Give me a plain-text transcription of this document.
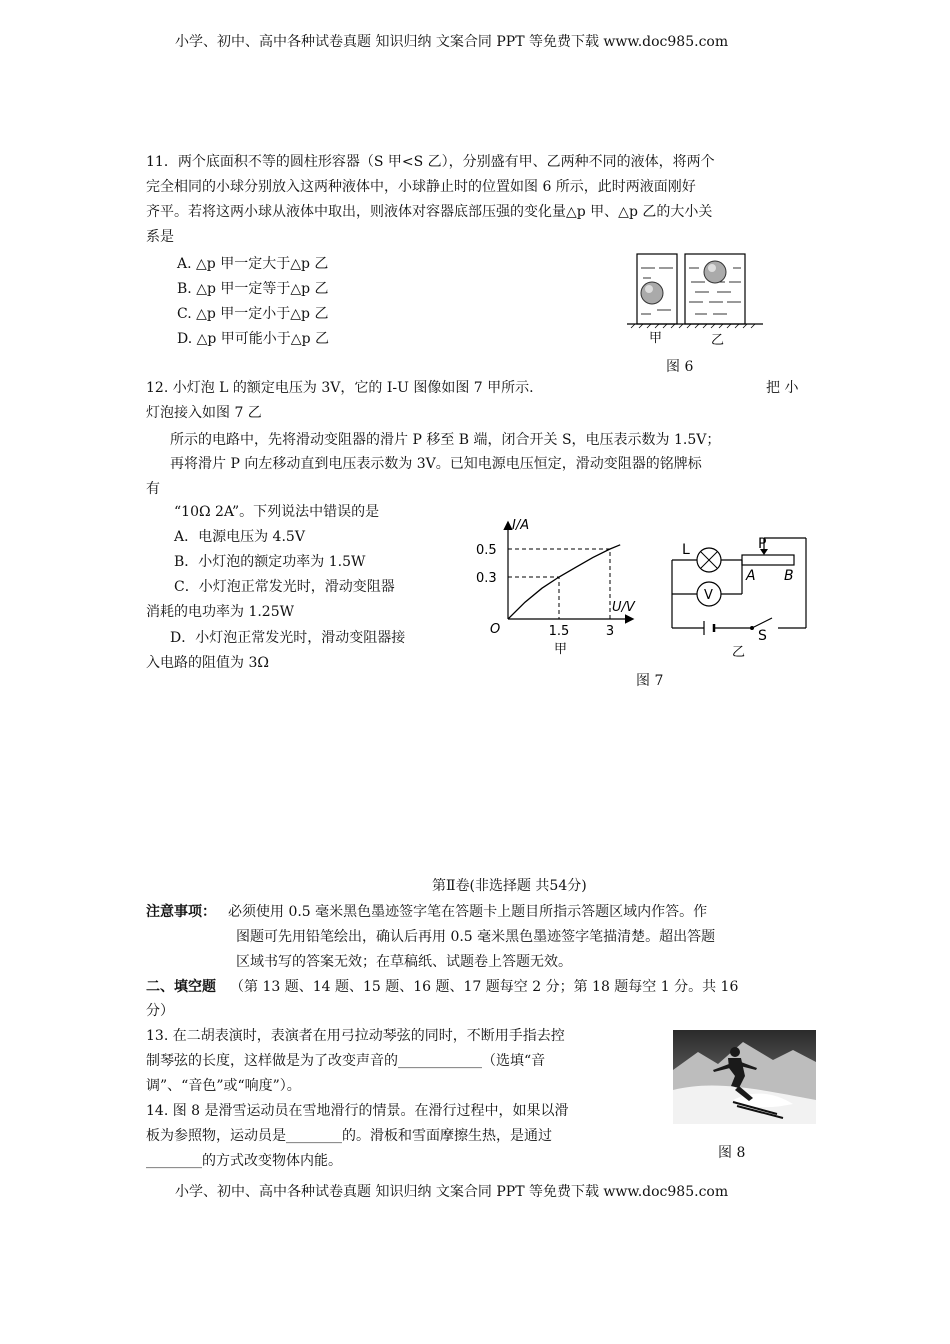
小学、初中、高中各种试卷真题 知识归纳 文案合同 PPT 等免费下载 www.doc985.com
11．两个底面积不等的圆柱形容器（S 甲<S 乙），分别盛有甲、乙两种不同的液体，将两个
完全相同的小球分别放入这两种液体中，小球静止时的位置如图 6 所示，此时两液面刚好
齐平。若将这两小球从液体中取出，则液体对容器底部压强的变化量△p 甲、△p 乙的大小关
系是
A. △p 甲一定大于△p 乙
B. △p 甲一定等于△p 乙
C. △p 甲一定小于△p 乙
D. △p 甲可能小于△p 乙	甲	乙
图 6
12. 小灯泡 L 的额定电压为 3V，它的 I-U 图像如图 7 甲所示.	把 小
灯泡接入如图 7 乙
所示的电路中，先将滑动变阻器的滑片 P 移至 B 端，闭合开关 S，电压表示数为 1.5V；
再将滑片 P 向左移动直到电压表示数为 3V。已知电源电压恒定，滑动变阻器的铭牌标
有
“10Ω 2A”。下列说法中错误的是
A．电源电压为 4.5V
B．小灯泡的额定功率为 1.5W
C．小灯泡正常发光时，滑动变阻器
消耗的电功率为 1.25W
D．小灯泡正常发光时，滑动变阻器接
入电路的阻值为 3Ω
I/A
U/V
O
0.5
0.3
1.5	3
甲
L	P
A B
V
S
乙
图 7
第Ⅱ卷(非选择题 共54分)
注意事项： 必须使用 0.5 毫米黑色墨迹签字笔在答题卡上题目所指示答题区域内作答。作
图题可先用铅笔绘出，确认后再用 0.5 毫米黑色墨迹签字笔描清楚。超出答题
区域书写的答案无效；在草稿纸、试题卷上答题无效。
二、填空题 （第 13 题、14 题、15 题、16 题、17 题每空 2 分；第 18 题每空 1 分。共 16
分）
13. 在二胡表演时，表演者在用弓拉动琴弦的同时，不断用手指去控
制琴弦的长度，这样做是为了改变声音的____________（选填“音
调”、“音色”或“响度”）。
14. 图 8 是滑雪运动员在雪地滑行的情景。在滑行过程中，如果以滑
板为参照物，运动员是________的。滑板和雪面摩擦生热，是通过
________的方式改变物体内能。	图 8
小学、初中、高中各种试卷真题 知识归纳 文案合同 PPT 等免费下载 www.doc985.com
